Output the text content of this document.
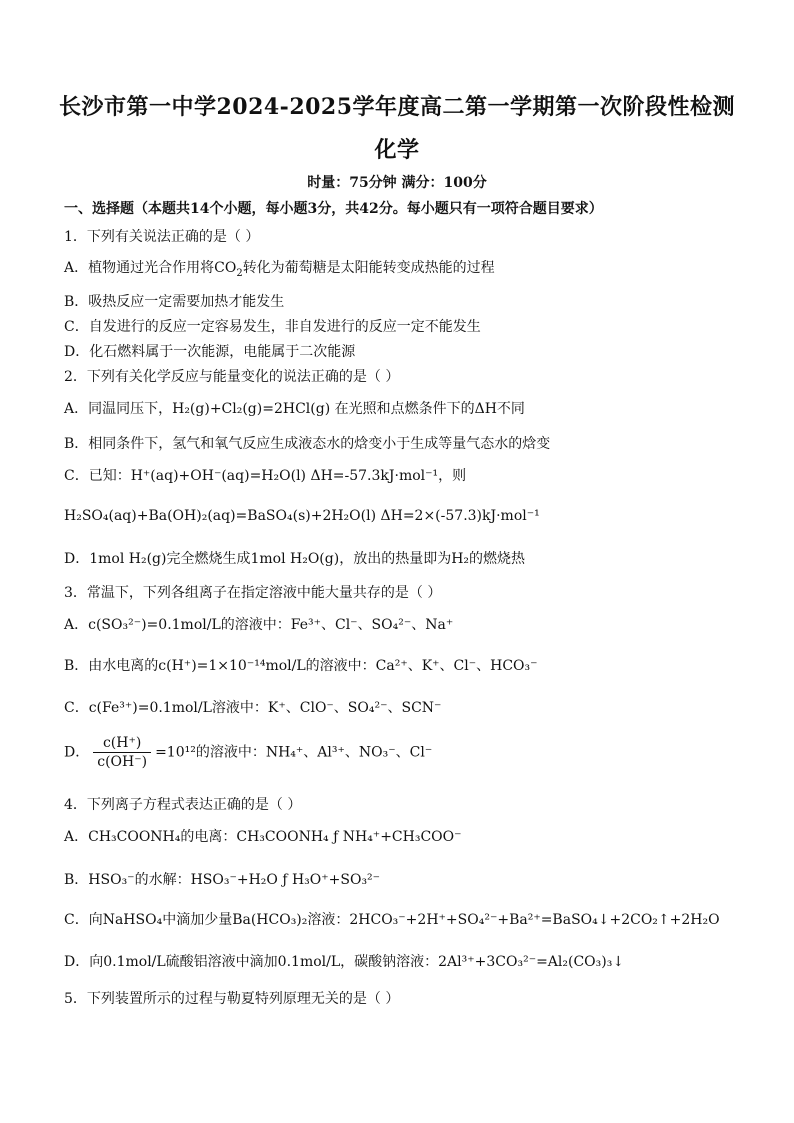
长沙市第一中学2024-2025学年度高二第一学期第一次阶段性检测
化学
时量：75分钟 满分：100分
一、选择题（本题共14个小题，每小题3分，共42分。每小题只有一项符合题目要求）
1．下列有关说法正确的是（ ）
A．植物通过光合作用将$CO_2$转化为葡萄糖是太阳能转变成热能的过程
B．吸热反应一定需要加热才能发生
C．自发进行的反应一定容易发生，非自发进行的反应一定不能发生
D．化石燃料属于一次能源，电能属于二次能源
2．下列有关化学反应与能量变化的说法正确的是（ ）
A．同温同压下，H₂(g)+Cl₂(g)=2HCl(g) 在光照和点燃条件下的ΔH不同
B．相同条件下，氢气和氧气反应生成液态水的焓变小于生成等量气态水的焓变
C．已知：H⁺(aq)+OH⁻(aq)=H₂O(l) ΔH=-57.3kJ·mol⁻¹，则
H₂SO₄(aq)+Ba(OH)₂(aq)=BaSO₄(s)+2H₂O(l) ΔH=2×(-57.3)kJ·mol⁻¹
D．1mol H₂(g)完全燃烧生成1mol H₂O(g)，放出的热量即为H₂的燃烧热
3．常温下，下列各组离子在指定溶液中能大量共存的是（ ）
A．c(SO₃²⁻)=0.1mol/L的溶液中：Fe³⁺、Cl⁻、SO₄²⁻、Na⁺
B．由水电离的c(H⁺)=1×10⁻¹⁴mol/L的溶液中：Ca²⁺、K⁺、Cl⁻、HCO₃⁻
C．c(Fe³⁺)=0.1mol/L溶液中：K⁺、ClO⁻、SO₄²⁻、SCN⁻
D． $\frac{c(H^+)}{c(OH^-)} =10^{12}$的溶液中：NH₄⁺、Al³⁺、NO₃⁻、Cl⁻
4．下列离子方程式表达正确的是（ ）
A．CH₃COONH₄的电离：CH₃COONH₄ ƒ NH₄⁺+CH₃COO⁻
B．HSO₃⁻的水解：HSO₃⁻+H₂O ƒ H₃O⁺+SO₃²⁻
C．向NaHSO₄中滴加少量Ba(HCO₃)₂溶液：2HCO₃⁻+2H⁺+SO₄²⁻+Ba²⁺=BaSO₄↓+2CO₂↑+2H₂O
D．向0.1mol/L硫酸铝溶液中滴加0.1mol/L，碳酸钠溶液：2Al³⁺+3CO₃²⁻=Al₂(CO₃)₃↓
5．下列装置所示的过程与勒夏特列原理无关的是（ ）
